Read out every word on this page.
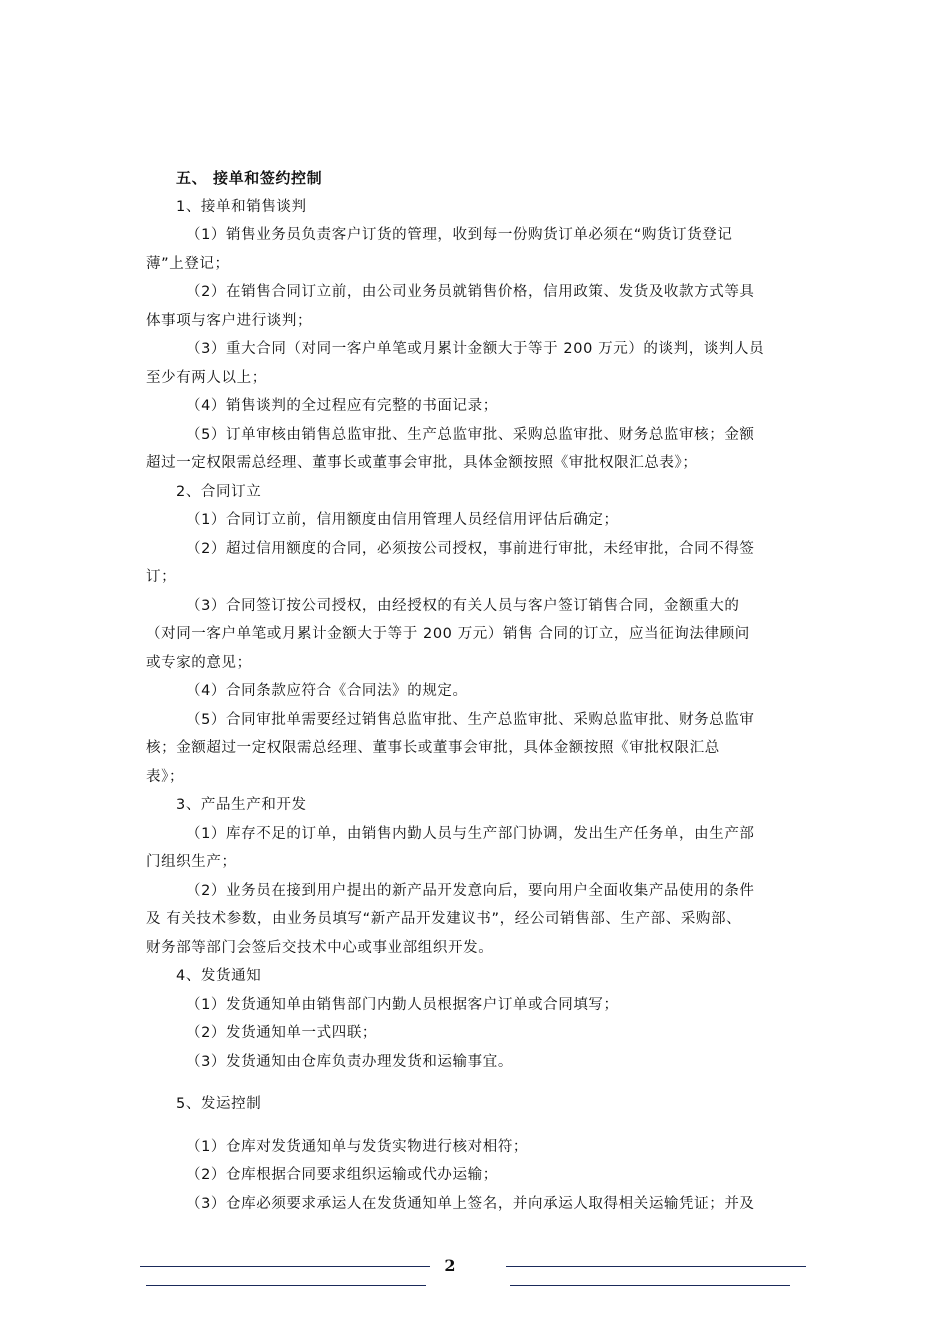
五、 接单和签约控制
1、接单和销售谈判
（1）销售业务员负责客户订货的管理，收到每一份购货订单必须在“购货订货登记
薄”上登记；
（2）在销售合同订立前，由公司业务员就销售价格，信用政策、发货及收款方式等具
体事项与客户进行谈判；
（3）重大合同（对同一客户单笔或月累计金额大于等于 200 万元）的谈判，谈判人员
至少有两人以上；
（4）销售谈判的全过程应有完整的书面记录；
（5）订单审核由销售总监审批、生产总监审批、采购总监审批、财务总监审核；金额
超过一定权限需总经理、董事长或董事会审批，具体金额按照《审批权限汇总表》；
2、合同订立
（1）合同订立前，信用额度由信用管理人员经信用评估后确定；
（2）超过信用额度的合同，必须按公司授权，事前进行审批，未经审批，合同不得签
订；
（3）合同签订按公司授权，由经授权的有关人员与客户签订销售合同，金额重大的
（对同一客户单笔或月累计金额大于等于 200 万元）销售 合同的订立，应当征询法律顾问
或专家的意见；
（4）合同条款应符合《合同法》的规定。
（5）合同审批单需要经过销售总监审批、生产总监审批、采购总监审批、财务总监审
核；金额超过一定权限需总经理、董事长或董事会审批，具体金额按照《审批权限汇总
表》；
3、产品生产和开发
（1）库存不足的订单，由销售内勤人员与生产部门协调，发出生产任务单，由生产部
门组织生产；
（2）业务员在接到用户提出的新产品开发意向后，要向用户全面收集产品使用的条件
及 有关技术参数，由业务员填写“新产品开发建议书”，经公司销售部、生产部、采购部、
财务部等部门会签后交技术中心或事业部组织开发。
4、发货通知
（1）发货通知单由销售部门内勤人员根据客户订单或合同填写；
（2）发货通知单一式四联；
（3）发货通知由仓库负责办理发货和运输事宜。
5、发运控制
（1）仓库对发货通知单与发货实物进行核对相符；
（2）仓库根据合同要求组织运输或代办运输；
（3）仓库必须要求承运人在发货通知单上签名，并向承运人取得相关运输凭证；并及
2
